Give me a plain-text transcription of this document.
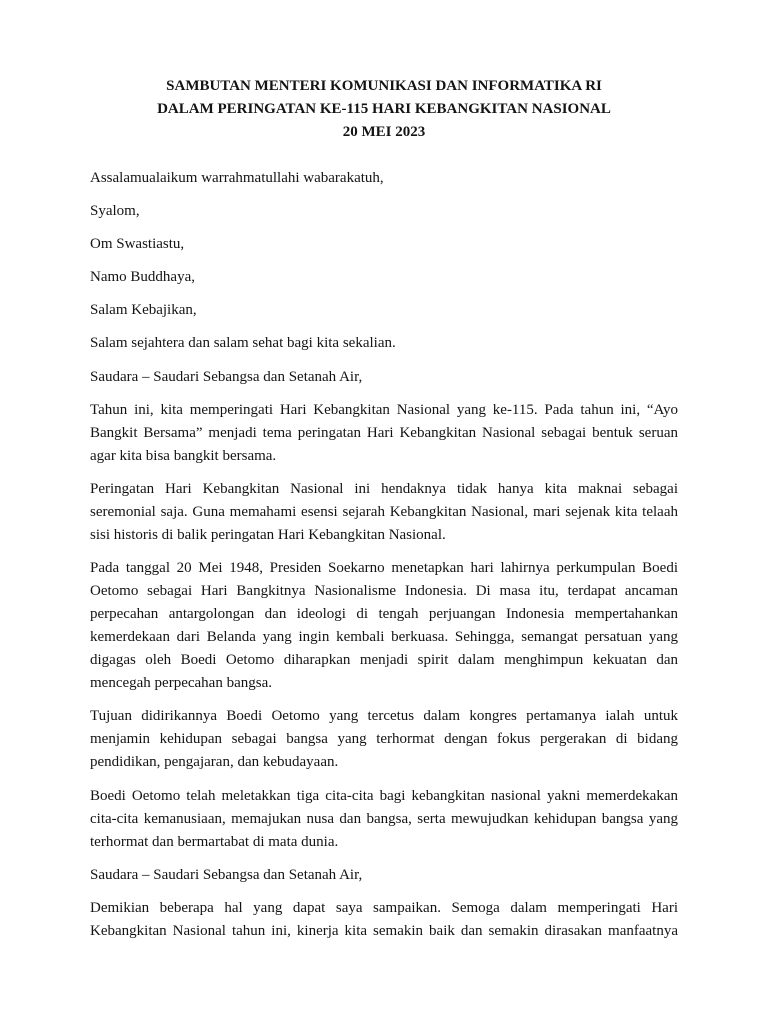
SAMBUTAN MENTERI KOMUNIKASI DAN INFORMATIKA RI
DALAM PERINGATAN KE-115 HARI KEBANGKITAN NASIONAL
20 MEI 2023
Assalamualaikum warrahmatullahi wabarakatuh,
Syalom,
Om Swastiastu,
Namo Buddhaya,
Salam Kebajikan,
Salam sejahtera dan salam sehat bagi kita sekalian.
Saudara – Saudari Sebangsa dan Setanah Air,
Tahun ini, kita memperingati Hari Kebangkitan Nasional yang ke-115. Pada tahun ini, “Ayo
Bangkit Bersama” menjadi tema peringatan Hari Kebangkitan Nasional sebagai bentuk seruan
agar kita bisa bangkit bersama.
Peringatan Hari Kebangkitan Nasional ini hendaknya tidak hanya kita maknai sebagai
seremonial saja. Guna memahami esensi sejarah Kebangkitan Nasional, mari sejenak kita telaah
sisi historis di balik peringatan Hari Kebangkitan Nasional.
Pada tanggal 20 Mei 1948, Presiden Soekarno menetapkan hari lahirnya perkumpulan Boedi
Oetomo sebagai Hari Bangkitnya Nasionalisme Indonesia. Di masa itu, terdapat ancaman
perpecahan antargolongan dan ideologi di tengah perjuangan Indonesia mempertahankan
kemerdekaan dari Belanda yang ingin kembali berkuasa. Sehingga, semangat persatuan yang
digagas oleh Boedi Oetomo diharapkan menjadi spirit dalam menghimpun kekuatan dan
mencegah perpecahan bangsa.
Tujuan didirikannya Boedi Oetomo yang tercetus dalam kongres pertamanya ialah untuk
menjamin kehidupan sebagai bangsa yang terhormat dengan fokus pergerakan di bidang
pendidikan, pengajaran, dan kebudayaan.
Boedi Oetomo telah meletakkan tiga cita-cita bagi kebangkitan nasional yakni memerdekakan
cita-cita kemanusiaan, memajukan nusa dan bangsa, serta mewujudkan kehidupan bangsa yang
terhormat dan bermartabat di mata dunia.
Saudara – Saudari Sebangsa dan Setanah Air,
Demikian beberapa hal yang dapat saya sampaikan. Semoga dalam memperingati Hari
Kebangkitan Nasional tahun ini, kinerja kita semakin baik dan semakin dirasakan manfaatnya
